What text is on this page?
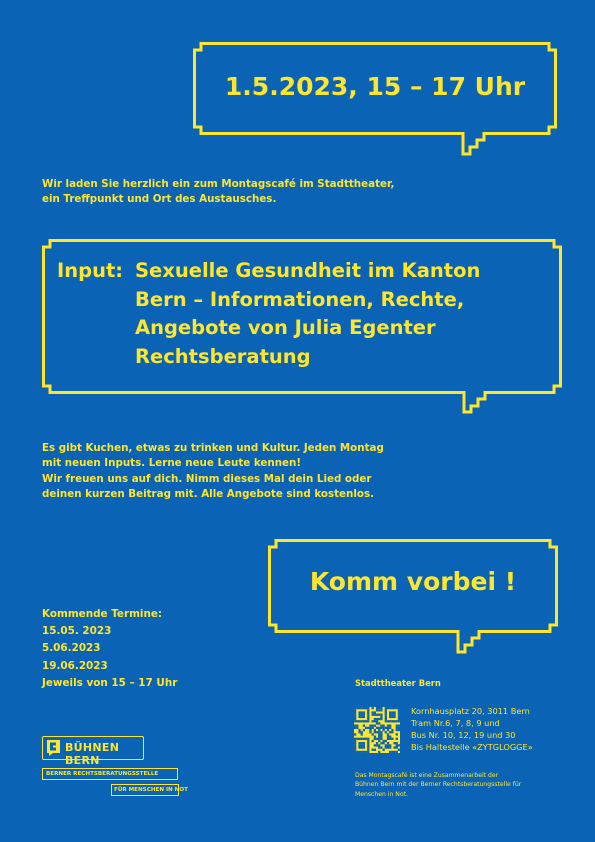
1.5.2023, 15 – 17 Uhr
Wir laden Sie herzlich ein zum Montagscafé im Stadttheater,
ein Treffpunkt und Ort des Austausches.
Input: Sexuelle Gesundheit im Kanton
Bern – Informationen, Rechte,
Angebote von Julia Egenter
Rechtsberatung
Es gibt Kuchen, etwas zu trinken und Kultur. Jeden Montag
mit neuen Inputs. Lerne neue Leute kennen!
Wir freuen uns auf dich. Nimm dieses Mal dein Lied oder
deinen kurzen Beitrag mit. Alle Angebote sind kostenlos.
Komm vorbei !
Kommende Termine:
15.05. 2023
5.06.2023
19.06.2023
Jeweils von 15 – 17 Uhr	Stadttheater Bern
Kornhausplatz 20, 3011 Bern
Tram Nr.6, 7, 8, 9 und
Bus Nr. 10, 12, 19 und 30
Bis Haltestelle «ZYTGLOGGE»
Das Montagscafé ist eine Zusammenarbeit der
Bühnen Bern mit der Berner Rechtsberatungsstelle für
Menschen in Not.
BÜHNEN BERN
BERNER RECHTSBERATUNGSSTELLE
FÜR MENSCHEN IN NOT
